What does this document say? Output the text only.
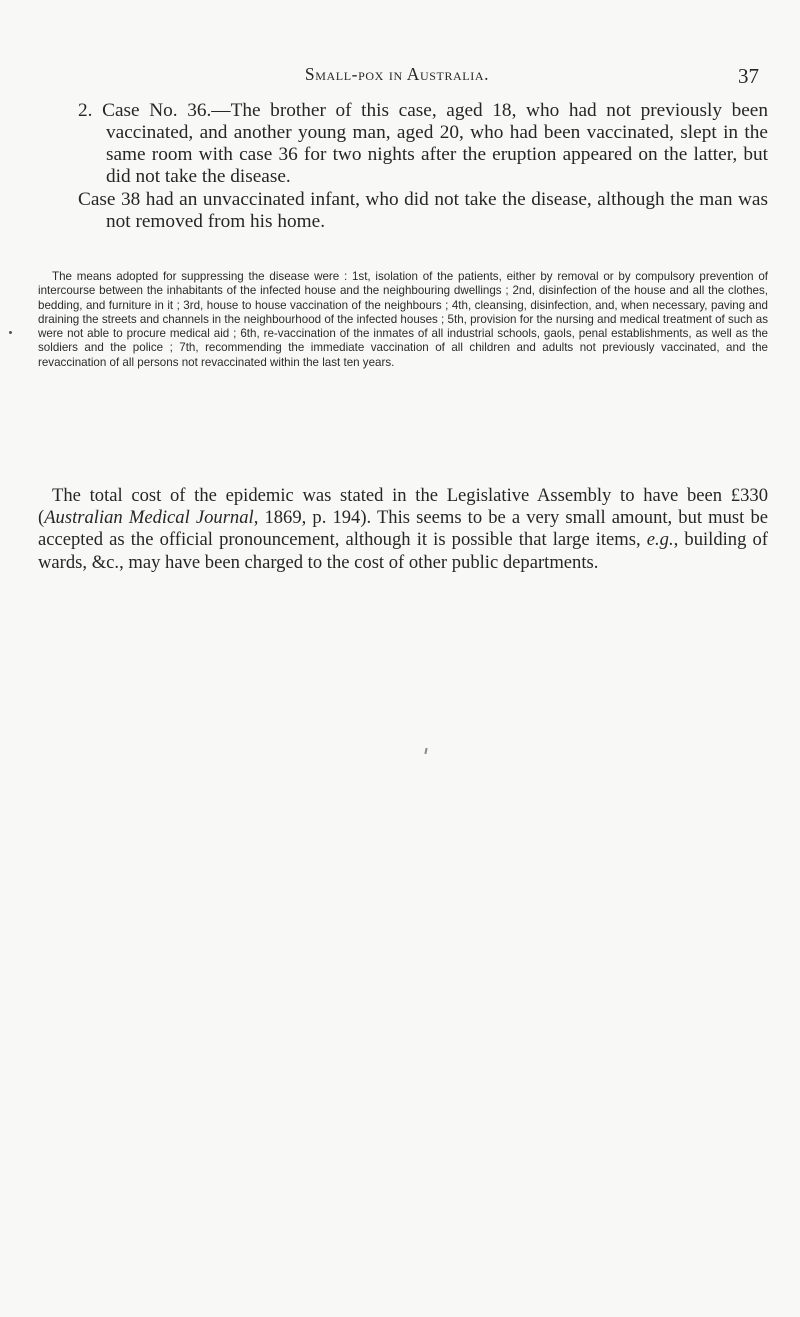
Small-pox in Australia.	37

2. Case No. 36.—The brother of this case, aged 18, who had not previously been vaccinated, and another young man, aged 20, who had been vaccinated, slept in the same room with case 36 for two nights after the eruption appeared on the latter, but did not take the disease.

Case 38 had an unvaccinated infant, who did not take the disease, although the man was not removed from his home.

The means adopted for suppressing the disease were : 1st, isolation of the patients, either by removal or by compulsory prevention of intercourse between the inhabitants of the infected house and the neighbouring dwellings ; 2nd, disinfection of the house and all the clothes, bedding, and furniture in it ; 3rd, house to house vaccination of the neighbours ; 4th, cleansing, disinfection, and, when necessary, paving and draining the streets and channels in the neighbourhood of the infected houses ; 5th, provision for the nursing and medical treatment of such as were not able to procure medical aid ; 6th, re-vaccination of the inmates of all industrial schools, gaols, penal establishments, as well as the soldiers and the police ; 7th, recommending the immediate vaccination of all children and adults not previously vaccinated, and the revaccination of all persons not revaccinated within the last ten years.

The total cost of the epidemic was stated in the Legislative Assembly to have been £330 (Australian Medical Journal, 1869, p. 194). This seems to be a very small amount, but must be accepted as the official pronouncement, although it is possible that large items, e.g., building of wards, &c., may have been charged to the cost of other public departments.
